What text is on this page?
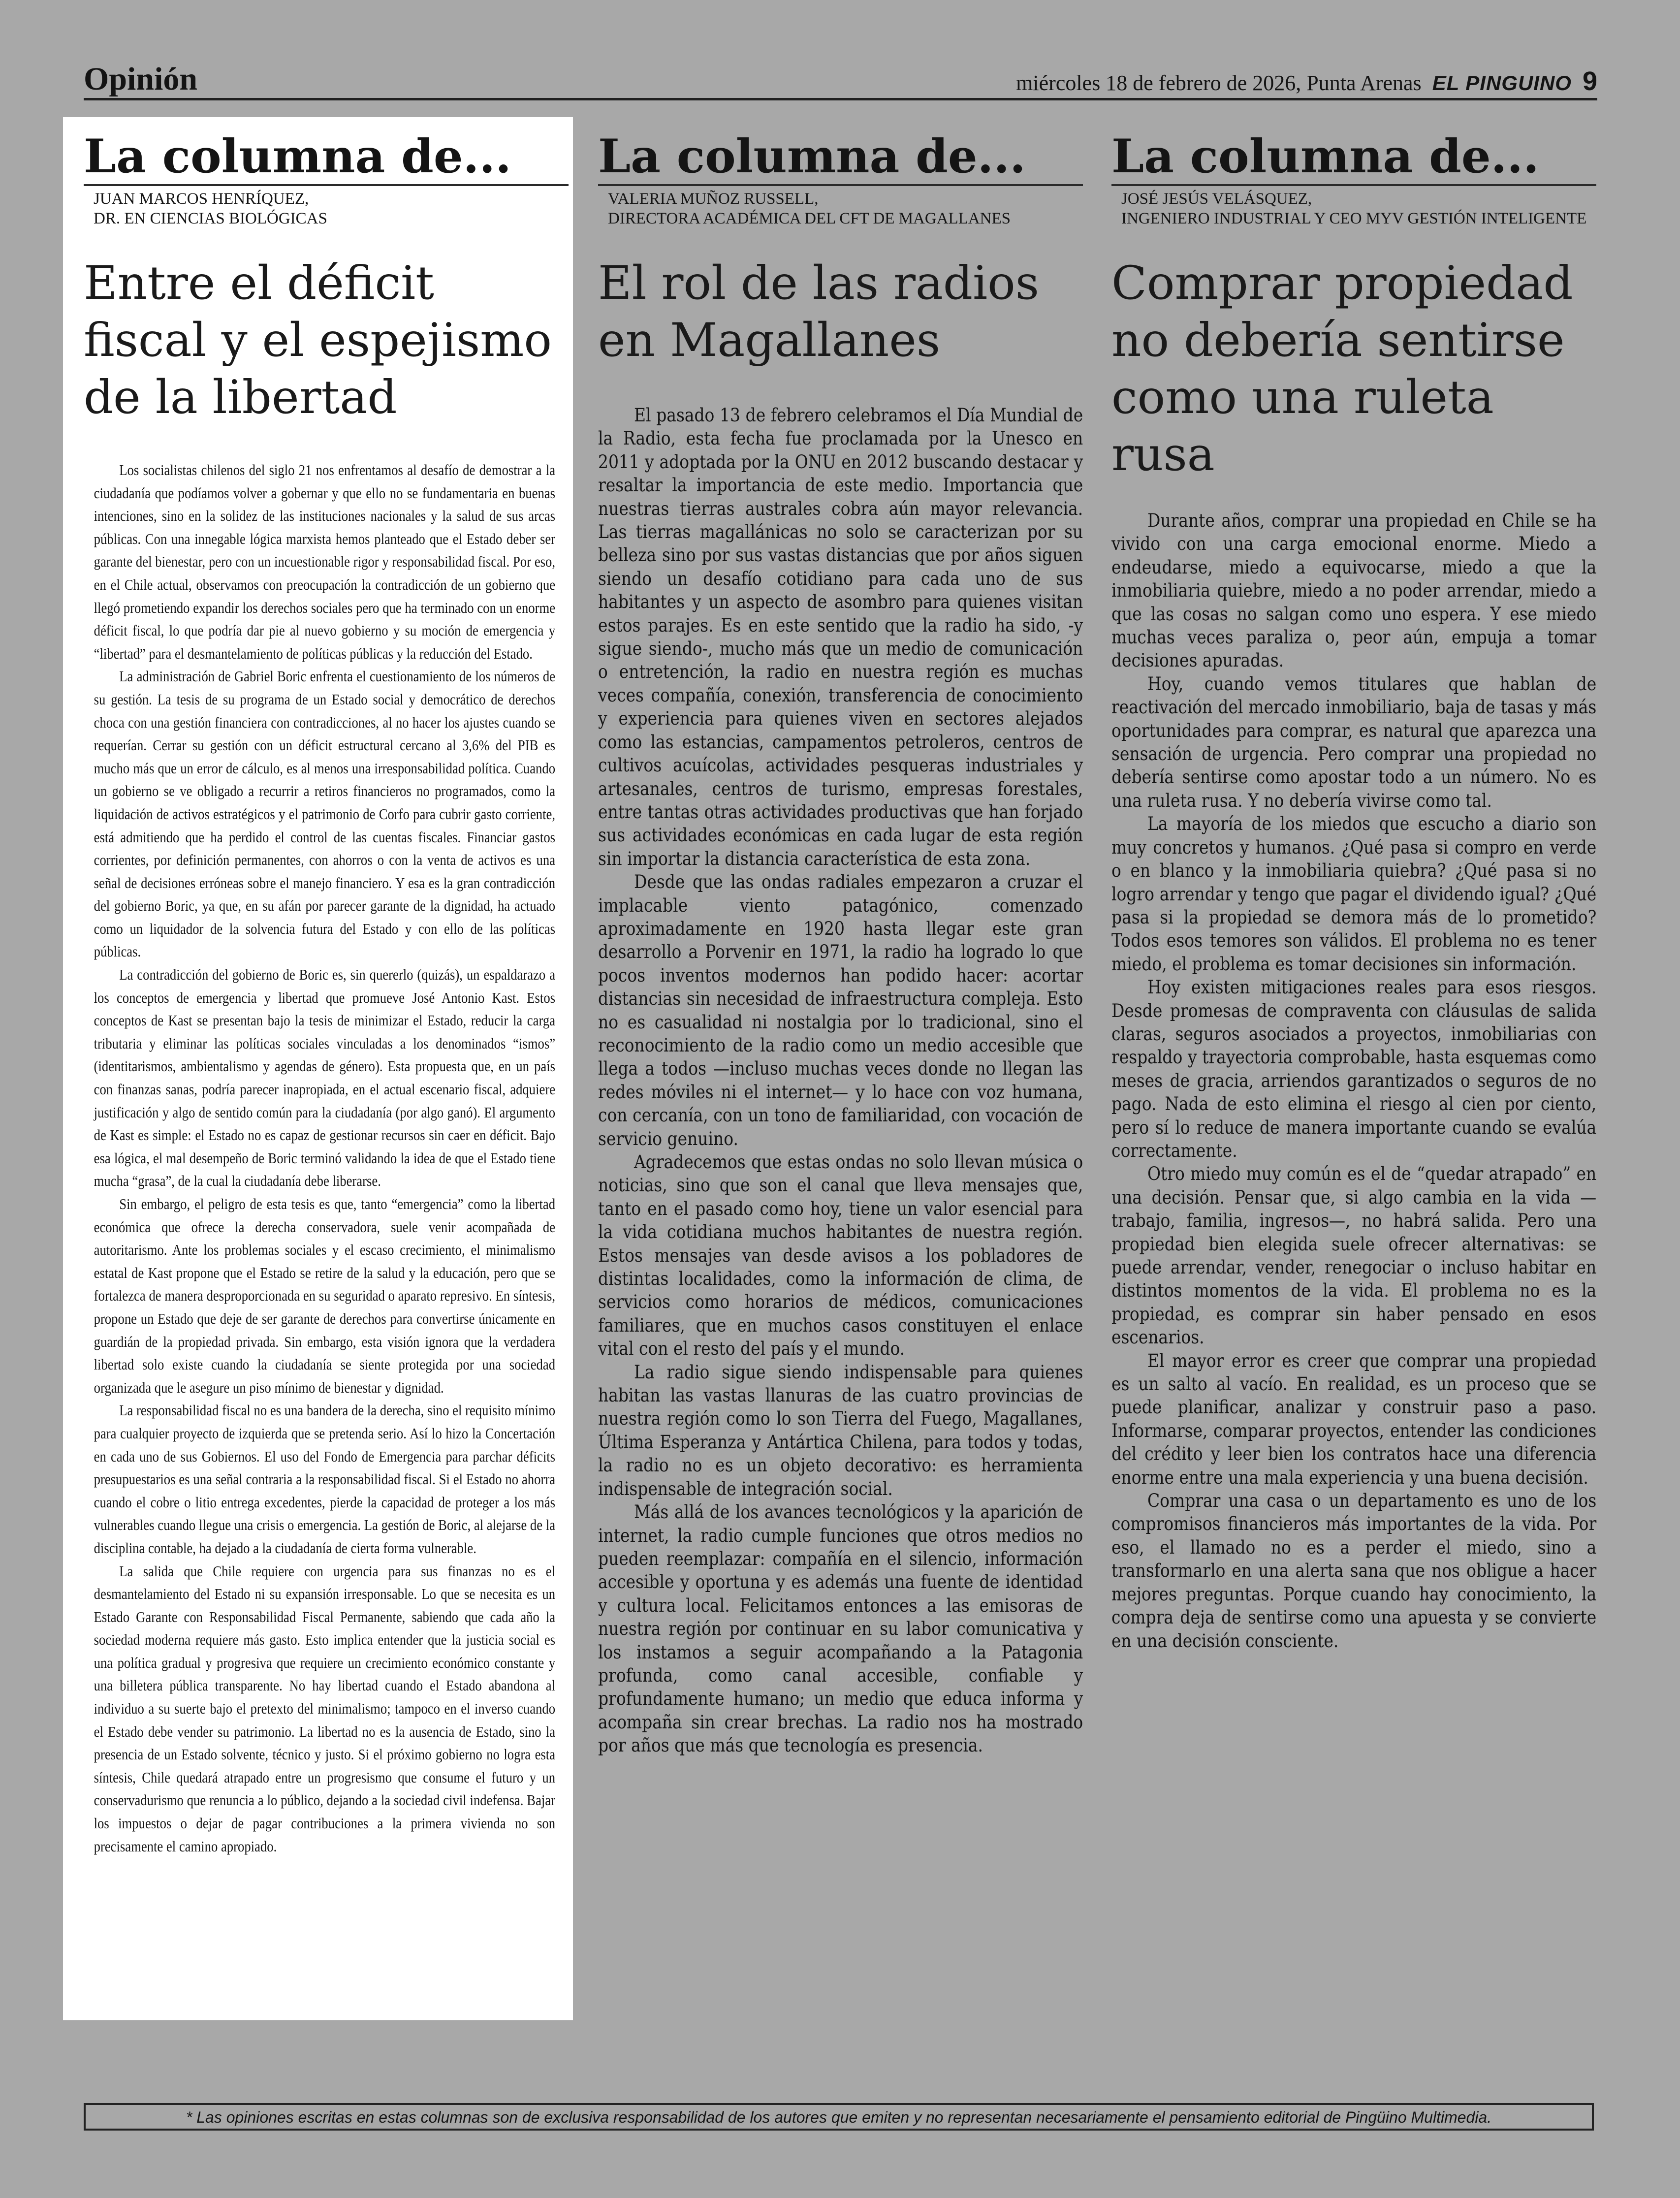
Opinión	miércoles 18 de febrero de 2026, Punta Arenas EL PINGUINO 9
La columna de...
JUAN MARCOS HENRÍQUEZ,
DR. EN CIENCIAS BIOLÓGICAS
Entre el déficit fiscal y el espejismo de la libertad

Los socialistas chilenos del siglo 21 nos enfrentamos al desafío de demostrar a la ciudadanía que podíamos volver a gobernar y que ello no se fundamentaria en buenas intenciones, sino en la solidez de las instituciones nacionales y la salud de sus arcas públicas. Con una innegable lógica marxista hemos planteado que el Estado deber ser garante del bienestar, pero con un incuestionable rigor y responsabilidad fiscal. Por eso, en el Chile actual, observamos con preocupación la contradicción de un gobierno que llegó prometiendo expandir los derechos sociales pero que ha terminado con un enorme déficit fiscal, lo que podría dar pie al nuevo gobierno y su moción de emergencia y “libertad” para el desmantelamiento de políticas públicas y la reducción del Estado.

La administración de Gabriel Boric enfrenta el cuestionamiento de los números de su gestión. La tesis de su programa de un Estado social y democrático de derechos choca con una gestión financiera con contradicciones, al no hacer los ajustes cuando se requerían. Cerrar su gestión con un déficit estructural cercano al 3,6% del PIB es mucho más que un error de cálculo, es al menos una irresponsabilidad política. Cuando un gobierno se ve obligado a recurrir a retiros financieros no programados, como la liquidación de activos estratégicos y el patrimonio de Corfo para cubrir gasto corriente, está admitiendo que ha perdido el control de las cuentas fiscales. Financiar gastos corrientes, por definición permanentes, con ahorros o con la venta de activos es una señal de decisiones erróneas sobre el manejo financiero. Y esa es la gran contradicción del gobierno Boric, ya que, en su afán por parecer garante de la dignidad, ha actuado como un liquidador de la solvencia futura del Estado y con ello de las políticas públicas.

La contradicción del gobierno de Boric es, sin quererlo (quizás), un espaldarazo a los conceptos de emergencia y libertad que promueve José Antonio Kast. Estos conceptos de Kast se presentan bajo la tesis de minimizar el Estado, reducir la carga tributaria y eliminar las políticas sociales vinculadas a los denominados “ismos” (identitarismos, ambientalismo y agendas de género). Esta propuesta que, en un país con finanzas sanas, podría parecer inapropiada, en el actual escenario fiscal, adquiere justificación y algo de sentido común para la ciudadanía (por algo ganó). El argumento de Kast es simple: el Estado no es capaz de gestionar recursos sin caer en déficit. Bajo esa lógica, el mal desempeño de Boric terminó validando la idea de que el Estado tiene mucha “grasa”, de la cual la ciudadanía debe liberarse.

Sin embargo, el peligro de esta tesis es que, tanto “emergencia” como la libertad económica que ofrece la derecha conservadora, suele venir acompañada de autoritarismo. Ante los problemas sociales y el escaso crecimiento, el minimalismo estatal de Kast propone que el Estado se retire de la salud y la educación, pero que se fortalezca de manera desproporcionada en su seguridad o aparato represivo. En síntesis, propone un Estado que deje de ser garante de derechos para convertirse únicamente en guardián de la propiedad privada. Sin embargo, esta visión ignora que la verdadera libertad solo existe cuando la ciudadanía se siente protegida por una sociedad organizada que le asegure un piso mínimo de bienestar y dignidad.

La responsabilidad fiscal no es una bandera de la derecha, sino el requisito mínimo para cualquier proyecto de izquierda que se pretenda serio. Así lo hizo la Concertación en cada uno de sus Gobiernos. El uso del Fondo de Emergencia para parchar déficits presupuestarios es una señal contraria a la responsabilidad fiscal. Si el Estado no ahorra cuando el cobre o litio entrega excedentes, pierde la capacidad de proteger a los más vulnerables cuando llegue una crisis o emergencia. La gestión de Boric, al alejarse de la disciplina contable, ha dejado a la ciudadanía de cierta forma vulnerable.

La salida que Chile requiere con urgencia para sus finanzas no es el desmantelamiento del Estado ni su expansión irresponsable. Lo que se necesita es un Estado Garante con Responsabilidad Fiscal Permanente, sabiendo que cada año la sociedad moderna requiere más gasto. Esto implica entender que la justicia social es una política gradual y progresiva que requiere un crecimiento económico constante y una billetera pública transparente. No hay libertad cuando el Estado abandona al individuo a su suerte bajo el pretexto del minimalismo; tampoco en el inverso cuando el Estado debe vender su patrimonio. La libertad no es la ausencia de Estado, sino la presencia de un Estado solvente, técnico y justo. Si el próximo gobierno no logra esta síntesis, Chile quedará atrapado entre un progresismo que consume el futuro y un conservadurismo que renuncia a lo público, dejando a la sociedad civil indefensa. Bajar los impuestos o dejar de pagar contribuciones a la primera vivienda no son precisamente el camino apropiado.

La columna de...
VALERIA MUÑOZ RUSSELL,
DIRECTORA ACADÉMICA DEL CFT DE MAGALLANES
El rol de las radios en Magallanes

El pasado 13 de febrero celebramos el Día Mundial de la Radio, esta fecha fue proclamada por la Unesco en 2011 y adoptada por la ONU en 2012 buscando destacar y resaltar la importancia de este medio. Importancia que nuestras tierras australes cobra aún mayor relevancia. Las tierras magallánicas no solo se caracterizan por su belleza sino por sus vastas distancias que por años siguen siendo un desafío cotidiano para cada uno de sus habitantes y un aspecto de asombro para quienes visitan estos parajes. Es en este sentido que la radio ha sido, -y sigue siendo-, mucho más que un medio de comunicación o entretención, la radio en nuestra región es muchas veces compañía, conexión, transferencia de conocimiento y experiencia para quienes viven en sectores alejados como las estancias, campamentos petroleros, centros de cultivos acuícolas, actividades pesqueras industriales y artesanales, centros de turismo, empresas forestales, entre tantas otras actividades productivas que han forjado sus actividades económicas en cada lugar de esta región sin importar la distancia característica de esta zona.

Desde que las ondas radiales empezaron a cruzar el implacable viento patagónico, comenzado aproximadamente en 1920 hasta llegar este gran desarrollo a Porvenir en 1971, la radio ha logrado lo que pocos inventos modernos han podido hacer: acortar distancias sin necesidad de infraestructura compleja. Esto no es casualidad ni nostalgia por lo tradicional, sino el reconocimiento de la radio como un medio accesible que llega a todos —incluso muchas veces donde no llegan las redes móviles ni el internet— y lo hace con voz humana, con cercanía, con un tono de familiaridad, con vocación de servicio genuino.

Agradecemos que estas ondas no solo llevan música o noticias, sino que son el canal que lleva mensajes que, tanto en el pasado como hoy, tiene un valor esencial para la vida cotidiana muchos habitantes de nuestra región. Estos mensajes van desde avisos a los pobladores de distintas localidades, como la información de clima, de servicios como horarios de médicos, comunicaciones familiares, que en muchos casos constituyen el enlace vital con el resto del país y el mundo.

La radio sigue siendo indispensable para quienes habitan las vastas llanuras de las cuatro provincias de nuestra región como lo son Tierra del Fuego, Magallanes, Última Esperanza y Antártica Chilena, para todos y todas, la radio no es un objeto decorativo: es herramienta indispensable de integración social.

Más allá de los avances tecnológicos y la aparición de internet, la radio cumple funciones que otros medios no pueden reemplazar: compañía en el silencio, información accesible y oportuna y es además una fuente de identidad y cultura local. Felicitamos entonces a las emisoras de nuestra región por continuar en su labor comunicativa y los instamos a seguir acompañando a la Patagonia profunda, como canal accesible, confiable y profundamente humano; un medio que educa informa y acompaña sin crear brechas. La radio nos ha mostrado por años que más que tecnología es presencia.

La columna de...
JOSÉ JESÚS VELÁSQUEZ,
INGENIERO INDUSTRIAL Y CEO MYV GESTIÓN INTELIGENTE
Comprar propiedad no debería sentirse como una ruleta rusa

Durante años, comprar una propiedad en Chile se ha vivido con una carga emocional enorme. Miedo a endeudarse, miedo a equivocarse, miedo a que la inmobiliaria quiebre, miedo a no poder arrendar, miedo a que las cosas no salgan como uno espera. Y ese miedo muchas veces paraliza o, peor aún, empuja a tomar decisiones apuradas.

Hoy, cuando vemos titulares que hablan de reactivación del mercado inmobiliario, baja de tasas y más oportunidades para comprar, es natural que aparezca una sensación de urgencia. Pero comprar una propiedad no debería sentirse como apostar todo a un número. No es una ruleta rusa. Y no debería vivirse como tal.

La mayoría de los miedos que escucho a diario son muy concretos y humanos. ¿Qué pasa si compro en verde o en blanco y la inmobiliaria quiebra? ¿Qué pasa si no logro arrendar y tengo que pagar el dividendo igual? ¿Qué pasa si la propiedad se demora más de lo prometido? Todos esos temores son válidos. El problema no es tener miedo, el problema es tomar decisiones sin información.

Hoy existen mitigaciones reales para esos riesgos. Desde promesas de compraventa con cláusulas de salida claras, seguros asociados a proyectos, inmobiliarias con respaldo y trayectoria comprobable, hasta esquemas como meses de gracia, arriendos garantizados o seguros de no pago. Nada de esto elimina el riesgo al cien por ciento, pero sí lo reduce de manera importante cuando se evalúa correctamente.

Otro miedo muy común es el de “quedar atrapado” en una decisión. Pensar que, si algo cambia en la vida —trabajo, familia, ingresos—, no habrá salida. Pero una propiedad bien elegida suele ofrecer alternativas: se puede arrendar, vender, renegociar o incluso habitar en distintos momentos de la vida. El problema no es la propiedad, es comprar sin haber pensado en esos escenarios.

El mayor error es creer que comprar una propiedad es un salto al vacío. En realidad, es un proceso que se puede planificar, analizar y construir paso a paso. Informarse, comparar proyectos, entender las condiciones del crédito y leer bien los contratos hace una diferencia enorme entre una mala experiencia y una buena decisión.

Comprar una casa o un departamento es uno de los compromisos financieros más importantes de la vida. Por eso, el llamado no es a perder el miedo, sino a transformarlo en una alerta sana que nos obligue a hacer mejores preguntas. Porque cuando hay conocimiento, la compra deja de sentirse como una apuesta y se convierte en una decisión consciente.

* Las opiniones escritas en estas columnas son de exclusiva responsabilidad de los autores que emiten y no representan necesariamente el pensamiento editorial de Pingüino Multimedia.
